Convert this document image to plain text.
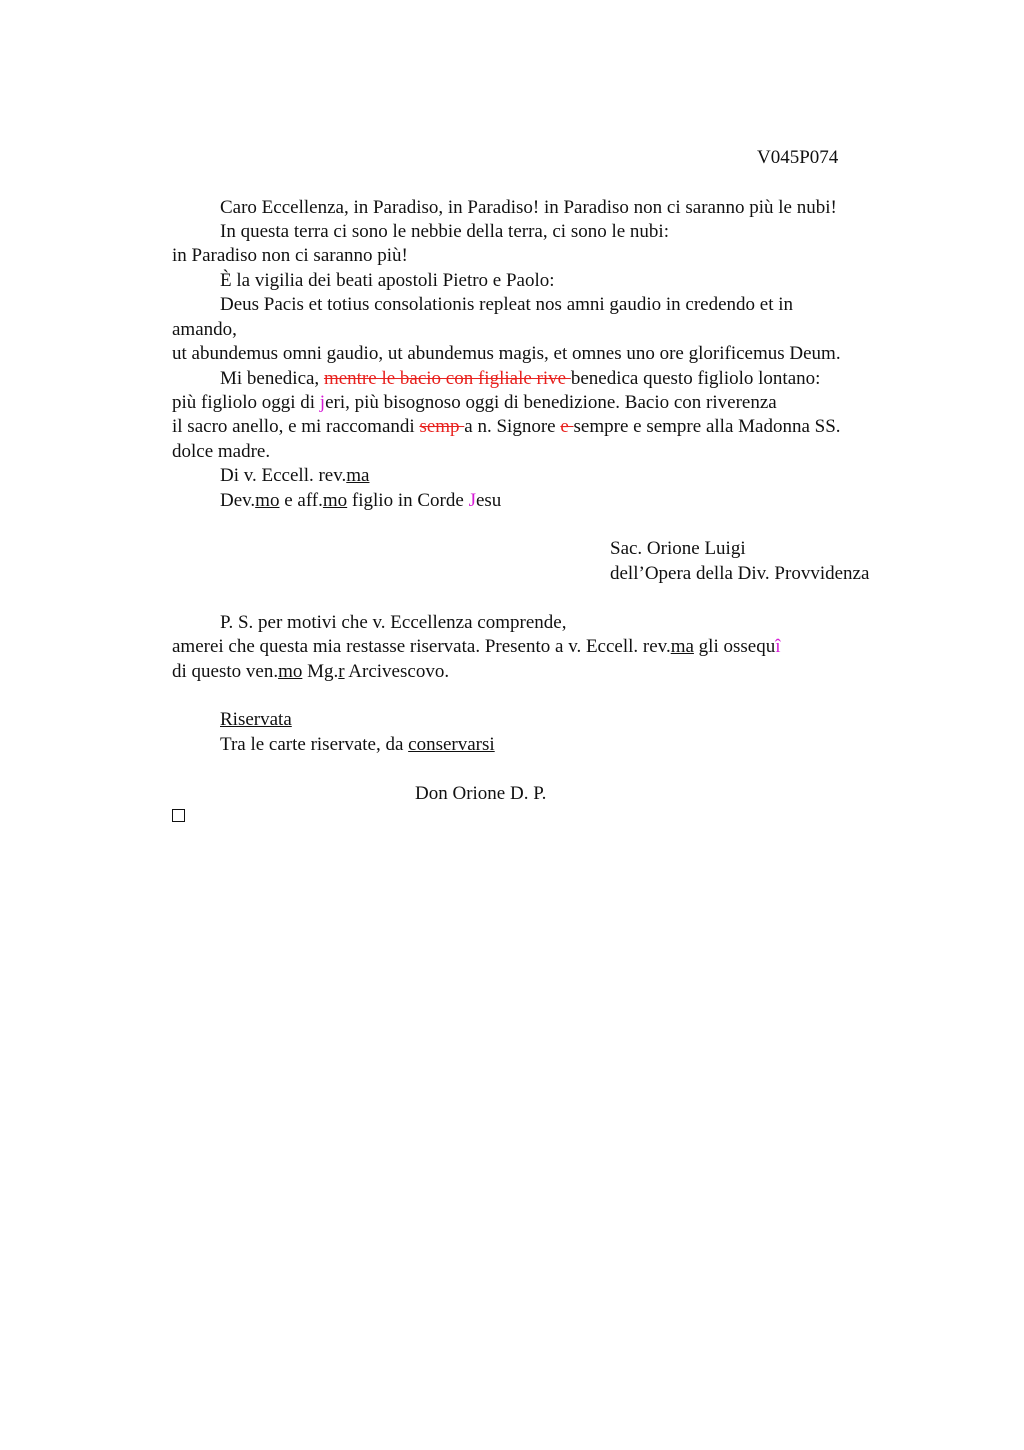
V045P074
Caro Eccellenza, in Paradiso, in Paradiso! in Paradiso non ci saranno più le nubi!
In questa terra ci sono le nebbie della terra, ci sono le nubi:
in Paradiso non ci saranno più!
È la vigilia dei beati apostoli Pietro e Paolo:
Deus Pacis et totius consolationis repleat nos amni gaudio in credendo et in
amando,
ut abundemus omni gaudio, ut abundemus magis, et omnes uno ore glorificemus Deum.
Mi benedica, mentre le bacio con figliale rive benedica questo figliolo lontano:
più figliolo oggi di jeri, più bisognoso oggi di benedizione. Bacio con riverenza
il sacro anello, e mi raccomandi semp a n. Signore e sempre e sempre alla Madonna SS.
dolce madre.
Di v. Eccell. rev.ma
Dev.mo e aff.mo figlio in Corde Jesu
Sac. Orione Luigi
dell’Opera della Div. Provvidenza
P. S. per motivi che v. Eccellenza comprende,
amerei che questa mia restasse riservata. Presento a v. Eccell. rev.ma gli ossequî
di questo ven.mo Mg.r Arcivescovo.
Riservata
Tra le carte riservate, da conservarsi
Don Orione D. P.
